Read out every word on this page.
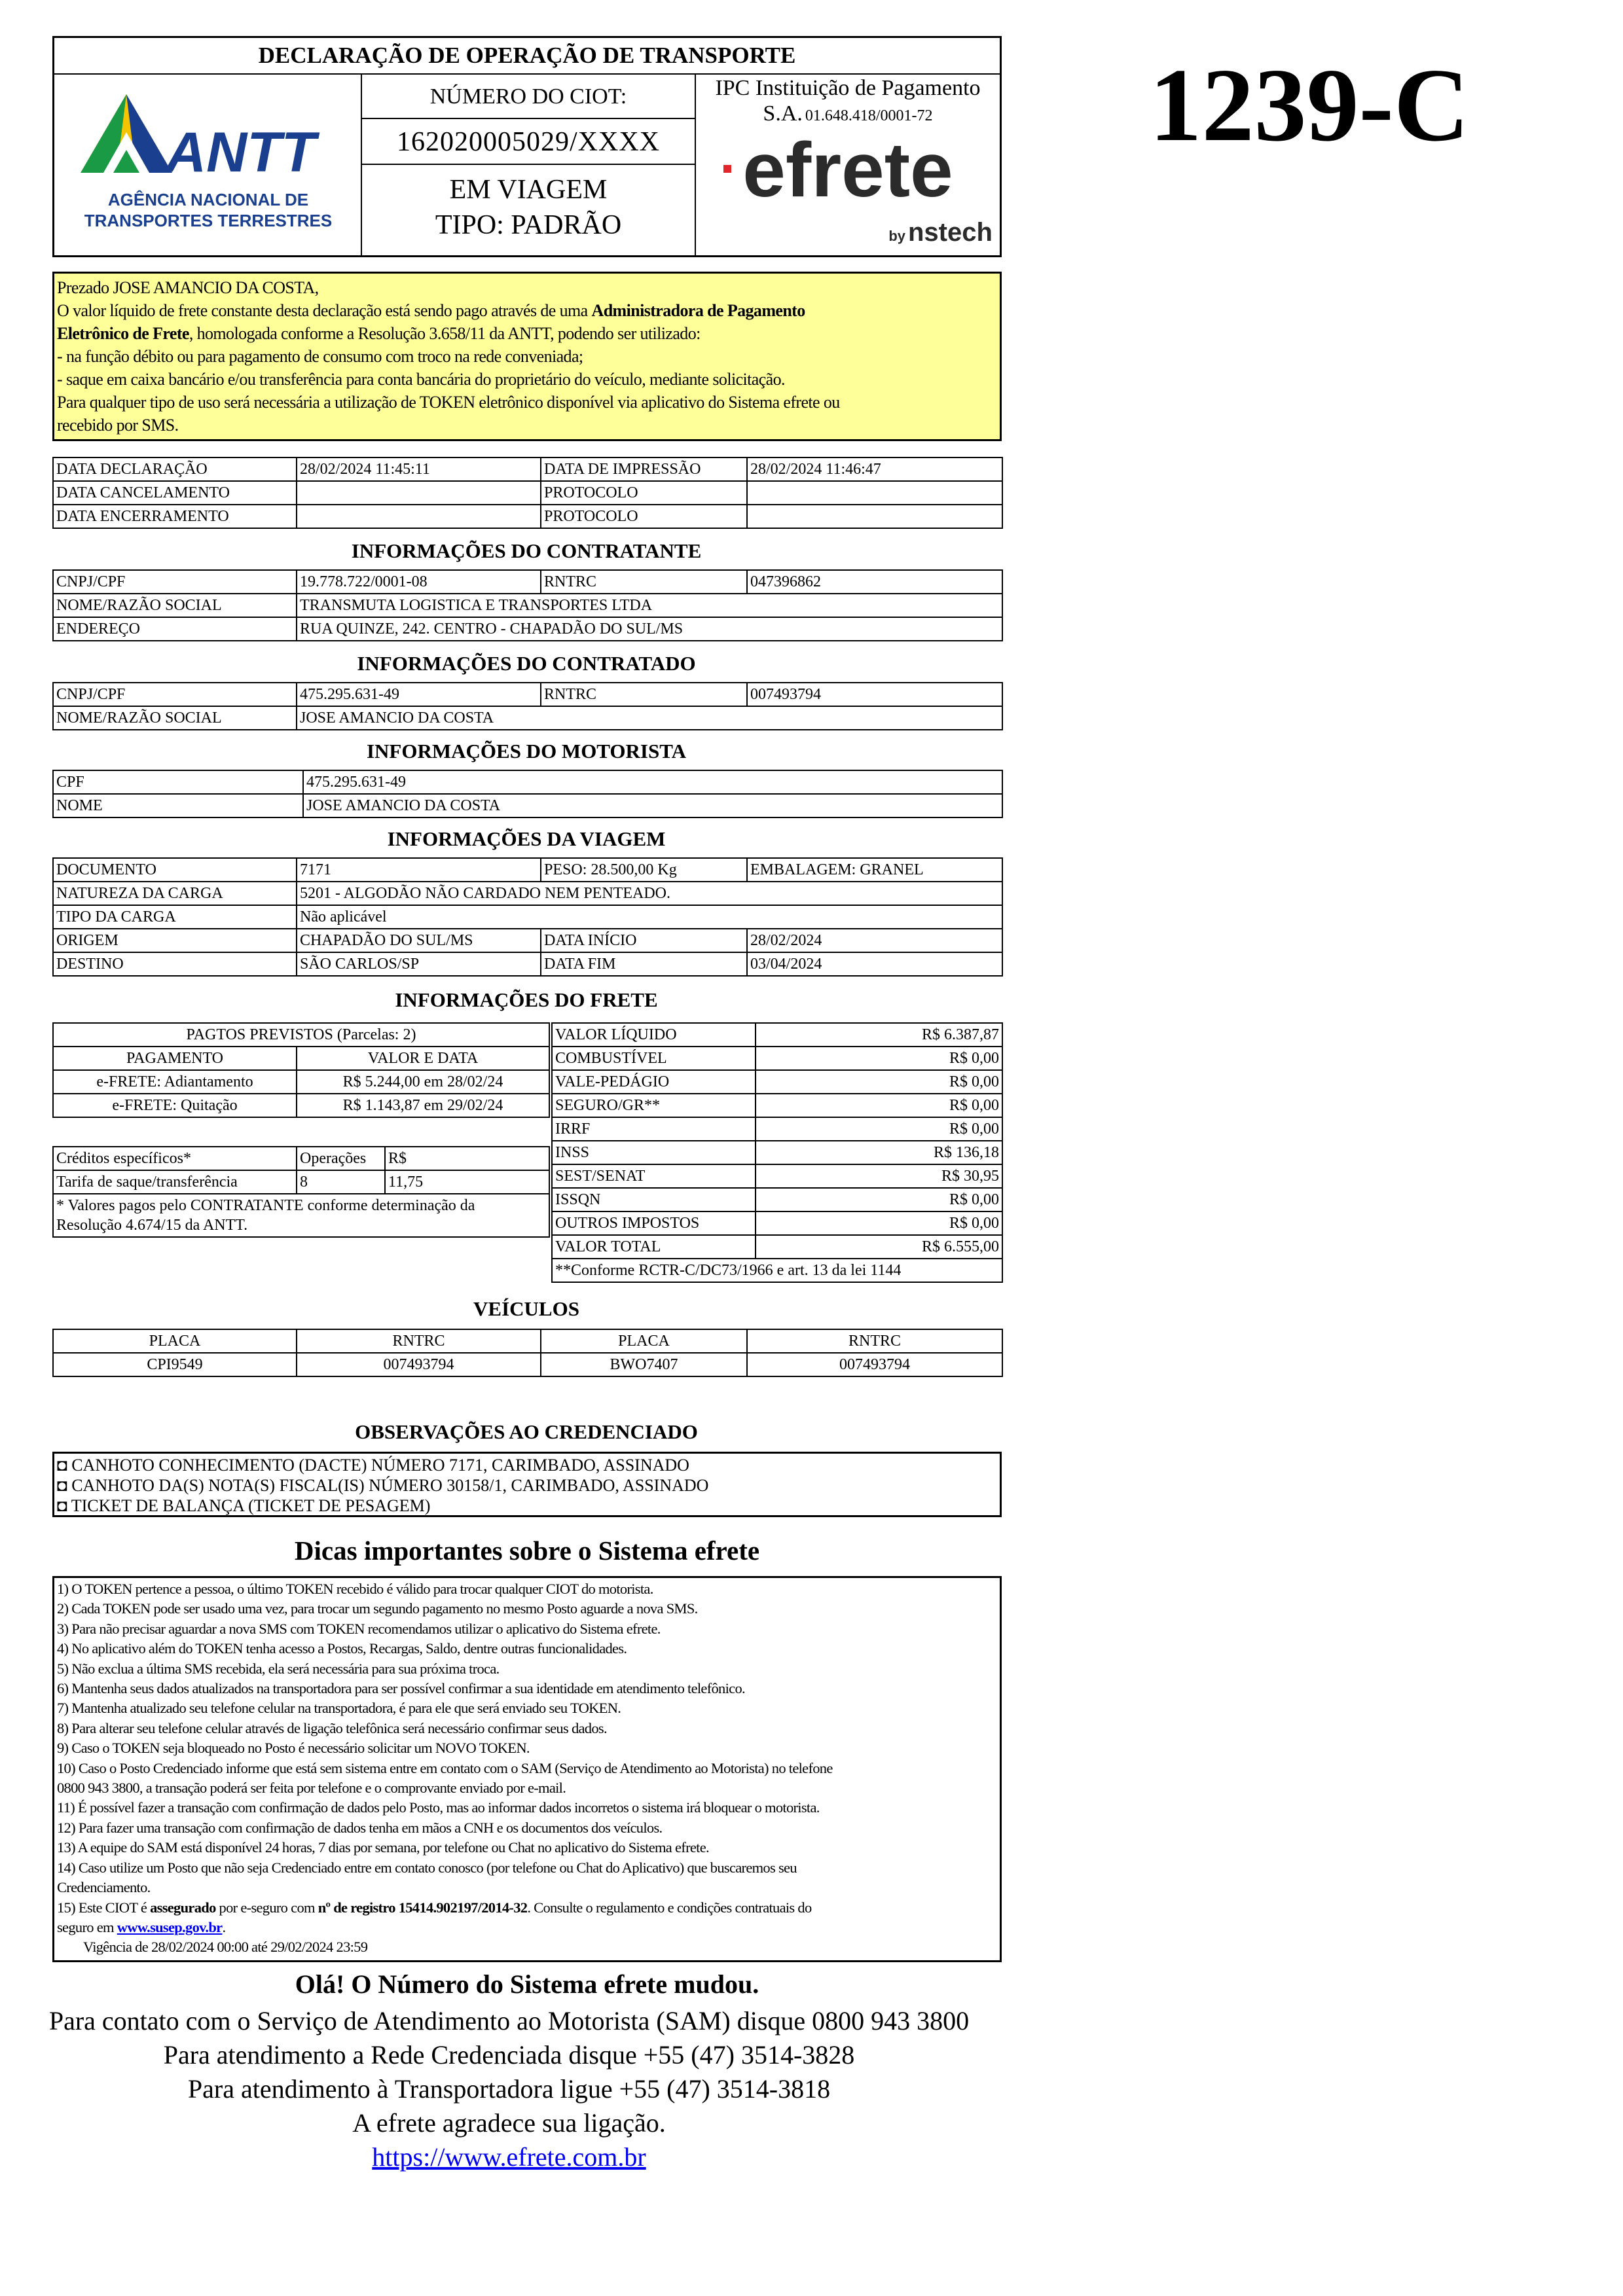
DECLARAÇÃO DE OPERAÇÃO DE TRANSPORTE
ANTT
AGÊNCIA NACIONAL DE
TRANSPORTES TERRESTRES
NÚMERO DO CIOT:
162020005029/XXXX
EM VIAGEM
TIPO: PADRÃO
IPC Instituição de Pagamento
S.A. 01.648.418/0001-72
efrete
by nstech
1239-C

Prezado JOSE AMANCIO DA COSTA,

O valor líquido de frete constante desta declaração está sendo pago através de uma Administradora de Pagamento

Eletrônico de Frete, homologada conforme a Resolução 3.658/11 da ANTT, podendo ser utilizado:

- na função débito ou para pagamento de consumo com troco na rede conveniada;

- saque em caixa bancário e/ou transferência para conta bancária do proprietário do veículo, mediante solicitação.

Para qualquer tipo de uso será necessária a utilização de TOKEN eletrônico disponível via aplicativo do Sistema efrete ou

recebido por SMS.

DATA DECLARAÇÃO	28/02/2024 11:45:11	DATA DE IMPRESSÃO	28/02/2024 11:46:47
DATA CANCELAMENTO		PROTOCOLO	
DATA ENCERRAMENTO		PROTOCOLO	
INFORMAÇÕES DO CONTRATANTE
CNPJ/CPF	19.778.722/0001-08	RNTRC	047396862
NOME/RAZÃO SOCIAL	TRANSMUTA LOGISTICA E TRANSPORTES LTDA		
ENDEREÇO	RUA QUINZE, 242. CENTRO - CHAPADÃO DO SUL/MS		
INFORMAÇÕES DO CONTRATADO
CNPJ/CPF	475.295.631-49	RNTRC	007493794
NOME/RAZÃO SOCIAL	JOSE AMANCIO DA COSTA		
INFORMAÇÕES DO MOTORISTA
CPF	475.295.631-49
NOME	JOSE AMANCIO DA COSTA
INFORMAÇÕES DA VIAGEM
DOCUMENTO	7171	PESO: 28.500,00 Kg	EMBALAGEM: GRANEL
NATUREZA DA CARGA	5201 - ALGODÃO NÃO CARDADO NEM PENTEADO.		
TIPO DA CARGA	Não aplicável		
ORIGEM	CHAPADÃO DO SUL/MS	DATA INÍCIO	28/02/2024
DESTINO	SÃO CARLOS/SP	DATA FIM	03/04/2024
INFORMAÇÕES DO FRETE
PAGTOS PREVISTOS (Parcelas: 2)	
PAGAMENTO	VALOR E DATA
e-FRETE: Adiantamento	R$ 5.244,00 em 28/02/24
e-FRETE: Quitação	R$ 1.143,87 em 29/02/24
Créditos específicos*	Operações	R$
Tarifa de saque/transferência	8	11,75

* Valores pagos pelo CONTRATANTE conforme determinação da
Resolução 4.674/15 da ANTT.		
VALOR LÍQUIDO	R$ 6.387,87
COMBUSTÍVEL	R$ 0,00
VALE-PEDÁGIO	R$ 0,00
SEGURO/GR**	R$ 0,00
IRRF	R$ 0,00
INSS	R$ 136,18
SEST/SENAT	R$ 30,95
ISSQN	R$ 0,00
OUTROS IMPOSTOS	R$ 0,00
VALOR TOTAL	R$ 6.555,00
**Conforme RCTR-C/DC73/1966 e art. 13 da lei 1144	
VEÍCULOS
PLACA	RNTRC	PLACA	RNTRC
CPI9549	007493794	BWO7407	007493794
OBSERVAÇÕES AO CREDENCIADO
◘ CANHOTO CONHECIMENTO (DACTE) NÚMERO 7171, CARIMBADO, ASSINADO
◘ CANHOTO DA(S) NOTA(S) FISCAL(IS) NÚMERO 30158/1, CARIMBADO, ASSINADO
◘ TICKET DE BALANÇA (TICKET DE PESAGEM)
Dicas importantes sobre o Sistema efrete
1) O TOKEN pertence a pessoa, o último TOKEN recebido é válido para trocar qualquer CIOT do motorista.
2) Cada TOKEN pode ser usado uma vez, para trocar um segundo pagamento no mesmo Posto aguarde a nova SMS.
3) Para não precisar aguardar a nova SMS com TOKEN recomendamos utilizar o aplicativo do Sistema efrete.
4) No aplicativo além do TOKEN tenha acesso a Postos, Recargas, Saldo, dentre outras funcionalidades.
5) Não exclua a última SMS recebida, ela será necessária para sua próxima troca.
6) Mantenha seus dados atualizados na transportadora para ser possível confirmar a sua identidade em atendimento telefônico.
7) Mantenha atualizado seu telefone celular na transportadora, é para ele que será enviado seu TOKEN.
8) Para alterar seu telefone celular através de ligação telefônica será necessário confirmar seus dados.
9) Caso o TOKEN seja bloqueado no Posto é necessário solicitar um NOVO TOKEN.
10) Caso o Posto Credenciado informe que está sem sistema entre em contato com o SAM (Serviço de Atendimento ao Motorista) no telefone
0800 943 3800, a transação poderá ser feita por telefone e o comprovante enviado por e-mail.
11) É possível fazer a transação com confirmação de dados pelo Posto, mas ao informar dados incorretos o sistema irá bloquear o motorista.
12) Para fazer uma transação com confirmação de dados tenha em mãos a CNH e os documentos dos veículos.
13) A equipe do SAM está disponível 24 horas, 7 dias por semana, por telefone ou Chat no aplicativo do Sistema efrete.
14) Caso utilize um Posto que não seja Credenciado entre em contato conosco (por telefone ou Chat do Aplicativo) que buscaremos seu
Credenciamento.
15) Este CIOT é assegurado por e-seguro com nº de registro 15414.902197/2014-32. Consulte o regulamento e condições contratuais do
seguro em www.susep.gov.br.
Vigência de 28/02/2024 00:00 até 29/02/2024 23:59
Olá! O Número do Sistema efrete mudou.
Para contato com o Serviço de Atendimento ao Motorista (SAM) disque 0800 943 3800
Para atendimento a Rede Credenciada disque +55 (47) 3514-3828
Para atendimento à Transportadora ligue +55 (47) 3514-3818
A efrete agradece sua ligação.
https://www.efrete.com.br
